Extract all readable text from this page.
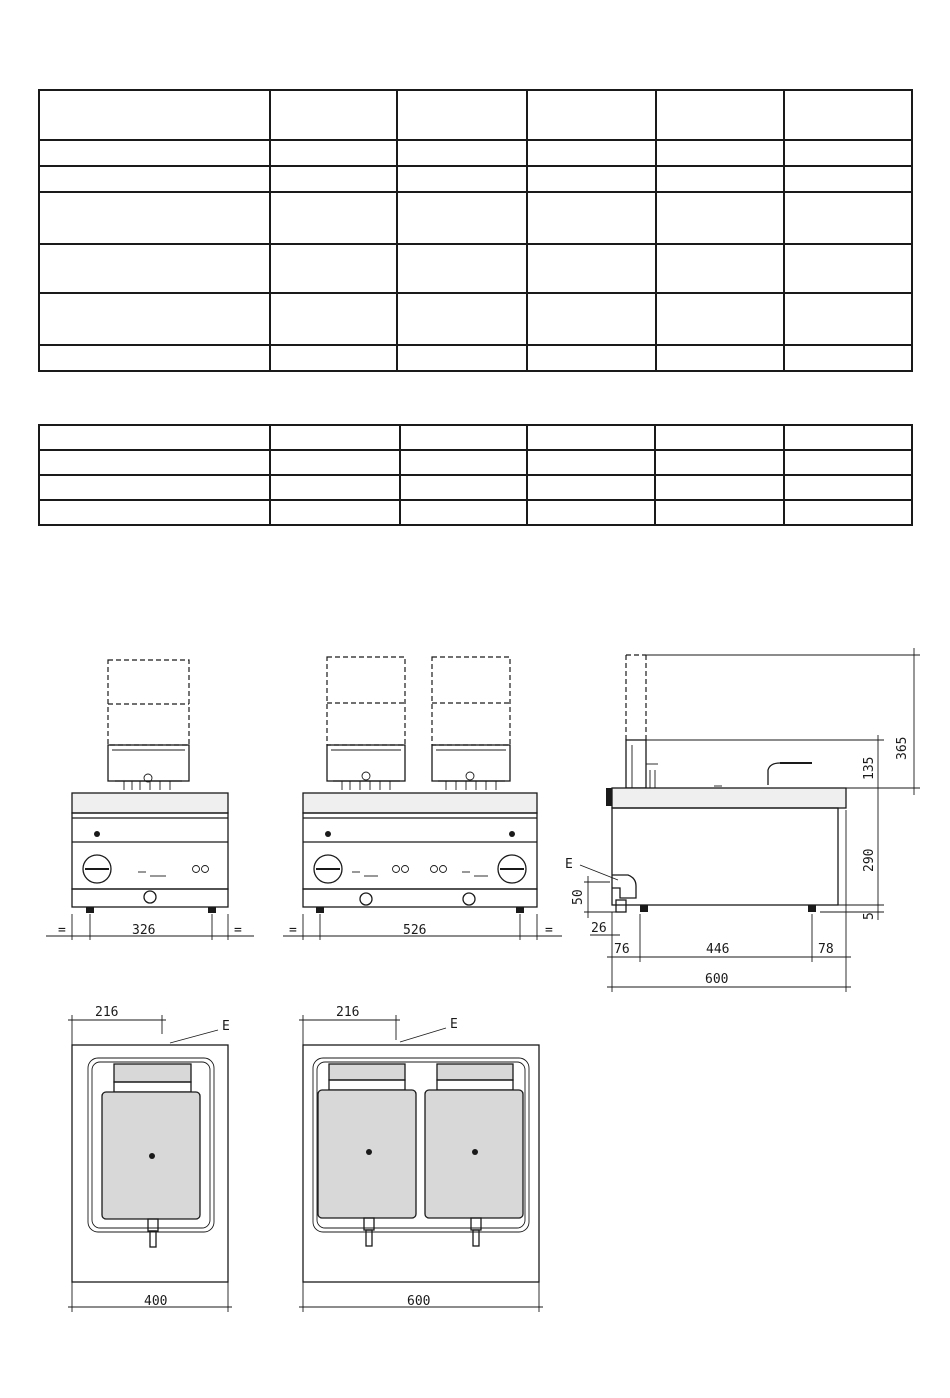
=	326	=	=	526	=
E
365
135
290
5
50
26
76	446	78
600
216
E
400
216
E
600
